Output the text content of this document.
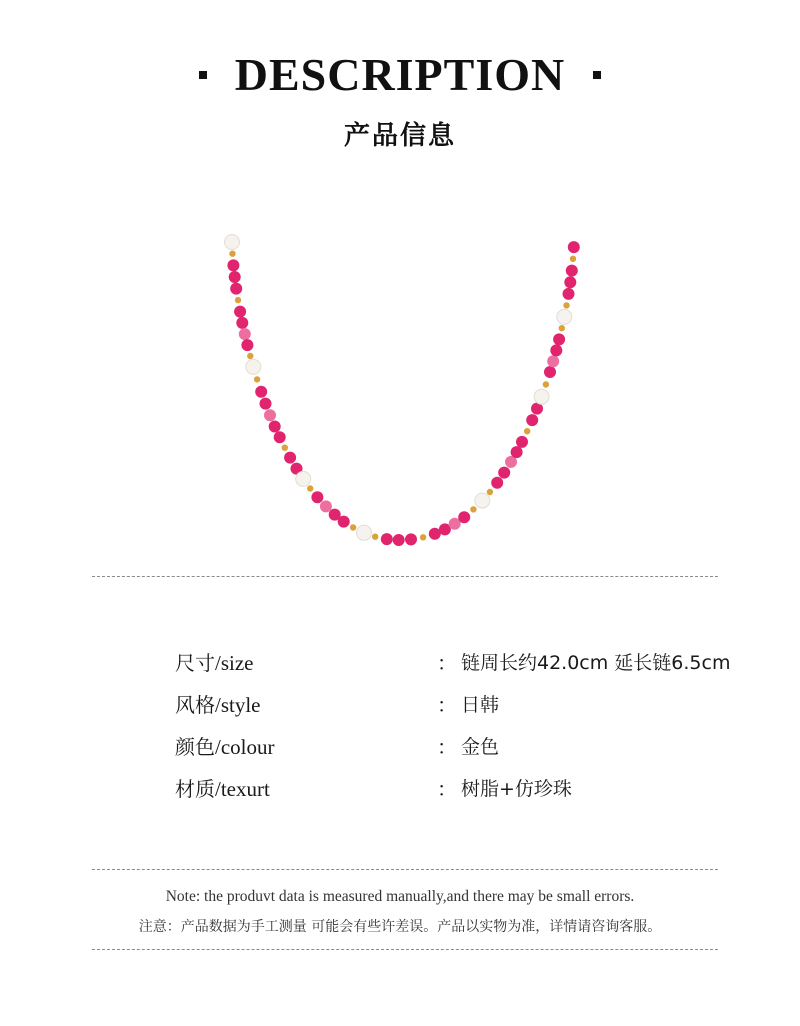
DESCRIPTION
产品信息
尺寸/size	： 链周长约42.0cm 延长链6.5cm
风格/style	： 日韩
颜色/colour	： 金色
材质/texurt	： 树脂+仿珍珠
Note: the produvt data is measured manually,and there may be small errors.
注意：产品数据为手工测量 可能会有些许差误。产品以实物为准，详情请咨询客服。
